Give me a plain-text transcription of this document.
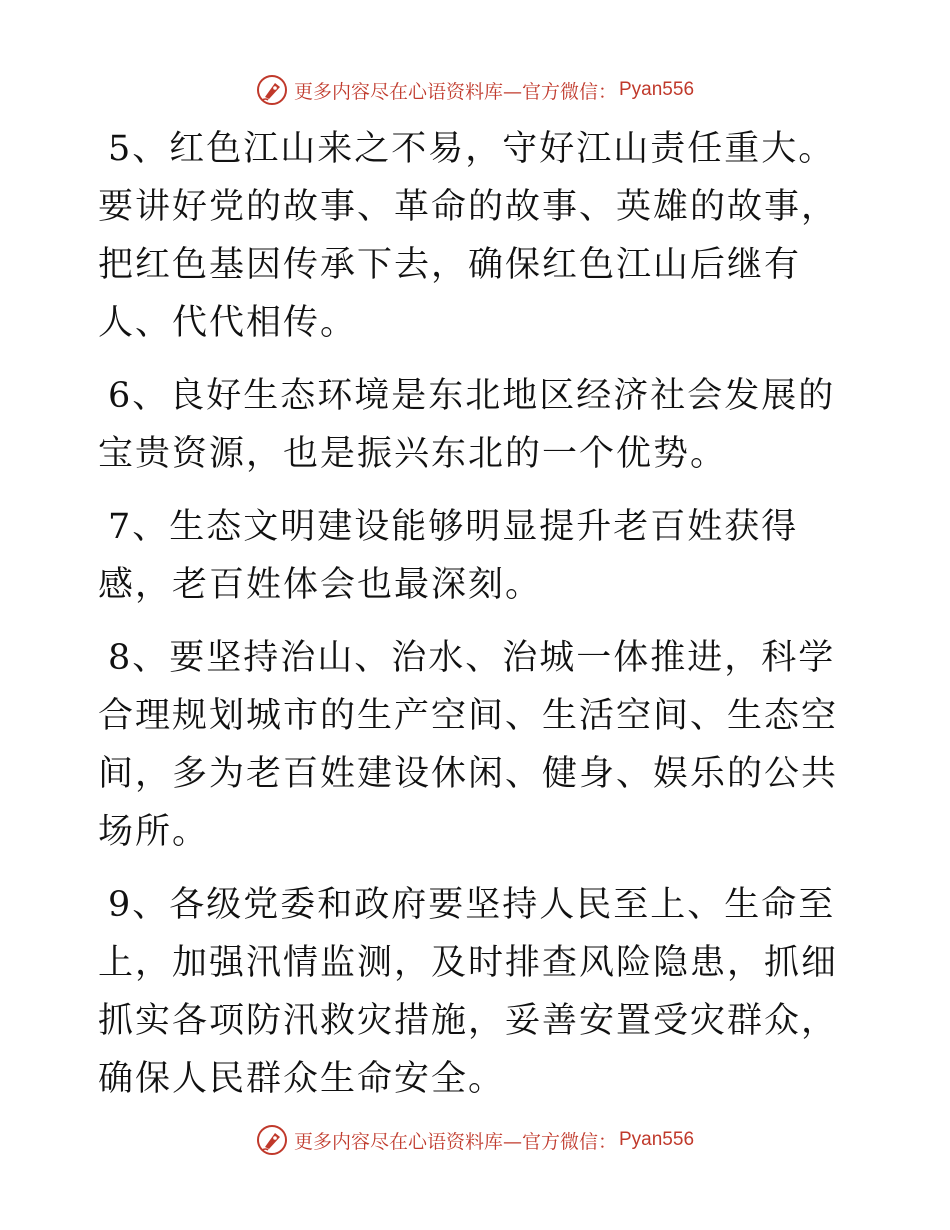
更多内容尽在心语资料库—官方微信： Pyan556

5、红色江山来之不易，守好江山责任重大。要讲好党的故事、革命的故事、英雄的故事，把红色基因传承下去，确保红色江山后继有人、代代相传。

6、良好生态环境是东北地区经济社会发展的宝贵资源，也是振兴东北的一个优势。

7、生态文明建设能够明显提升老百姓获得感，老百姓体会也最深刻。

8、要坚持治山、治水、治城一体推进，科学合理规划城市的生产空间、生活空间、生态空间，多为老百姓建设休闲、健身、娱乐的公共场所。

9、各级党委和政府要坚持人民至上、生命至上，加强汛情监测，及时排查风险隐患，抓细抓实各项防汛救灾措施，妥善安置受灾群众，确保人民群众生命安全。

更多内容尽在心语资料库—官方微信： Pyan556
